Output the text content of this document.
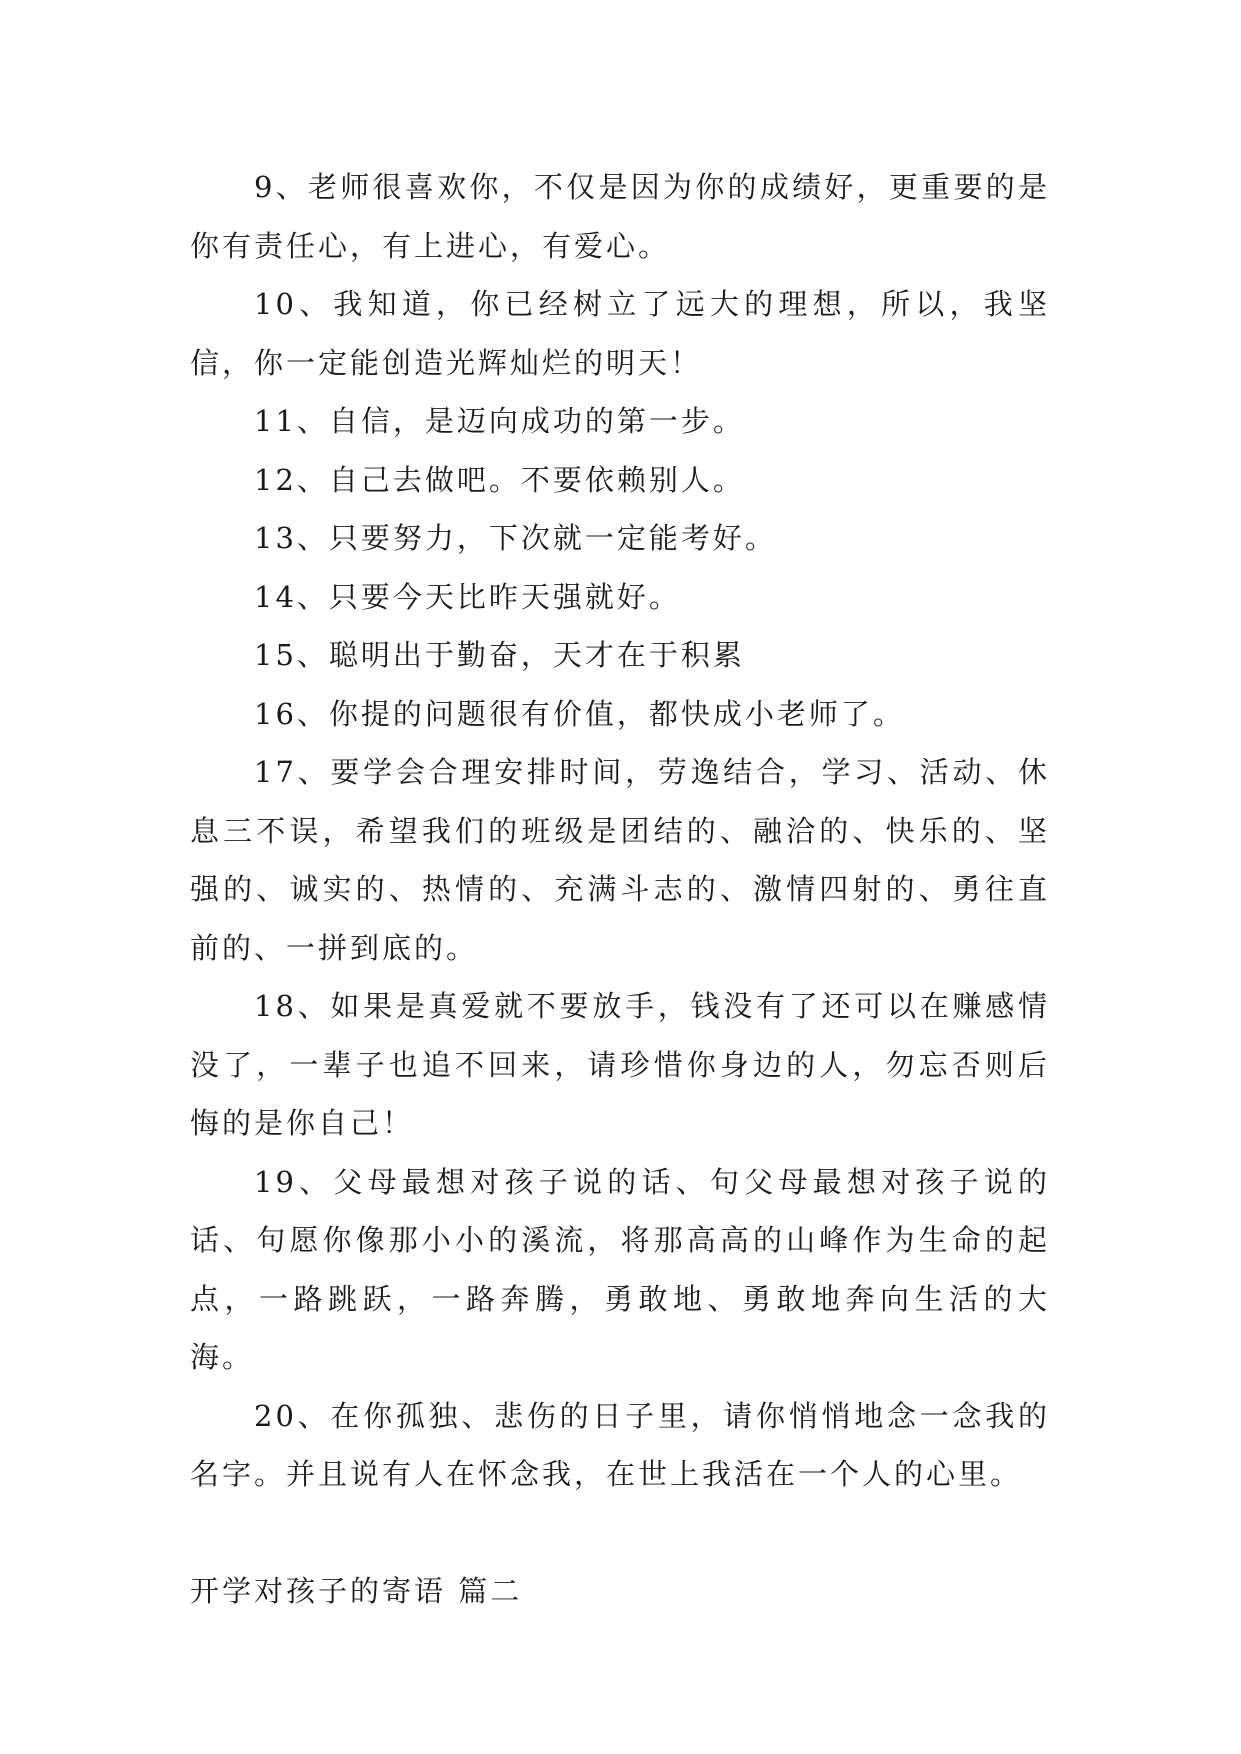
9、老师很喜欢你，不仅是因为你的成绩好，更重要的是你有责任心，有上进心，有爱心。

10、我知道，你已经树立了远大的理想，所以，我坚信，你一定能创造光辉灿烂的明天！

11、自信，是迈向成功的第一步。

12、自己去做吧。不要依赖别人。

13、只要努力，下次就一定能考好。

14、只要今天比昨天强就好。

15、聪明出于勤奋，天才在于积累

16、你提的问题很有价值，都快成小老师了。

17、要学会合理安排时间，劳逸结合，学习、活动、休息三不误，希望我们的班级是团结的、融洽的、快乐的、坚强的、诚实的、热情的、充满斗志的、激情四射的、勇往直前的、一拼到底的。

18、如果是真爱就不要放手，钱没有了还可以在赚感情没了，一辈子也追不回来，请珍惜你身边的人，勿忘否则后悔的是你自己！

19、父母最想对孩子说的话、句父母最想对孩子说的话、句愿你像那小小的溪流，将那高高的山峰作为生命的起点，一路跳跃，一路奔腾，勇敢地、勇敢地奔向生活的大海。

20、在你孤独、悲伤的日子里，请你悄悄地念一念我的名字。并且说有人在怀念我，在世上我活在一个人的心里。

开学对孩子的寄语 篇二
